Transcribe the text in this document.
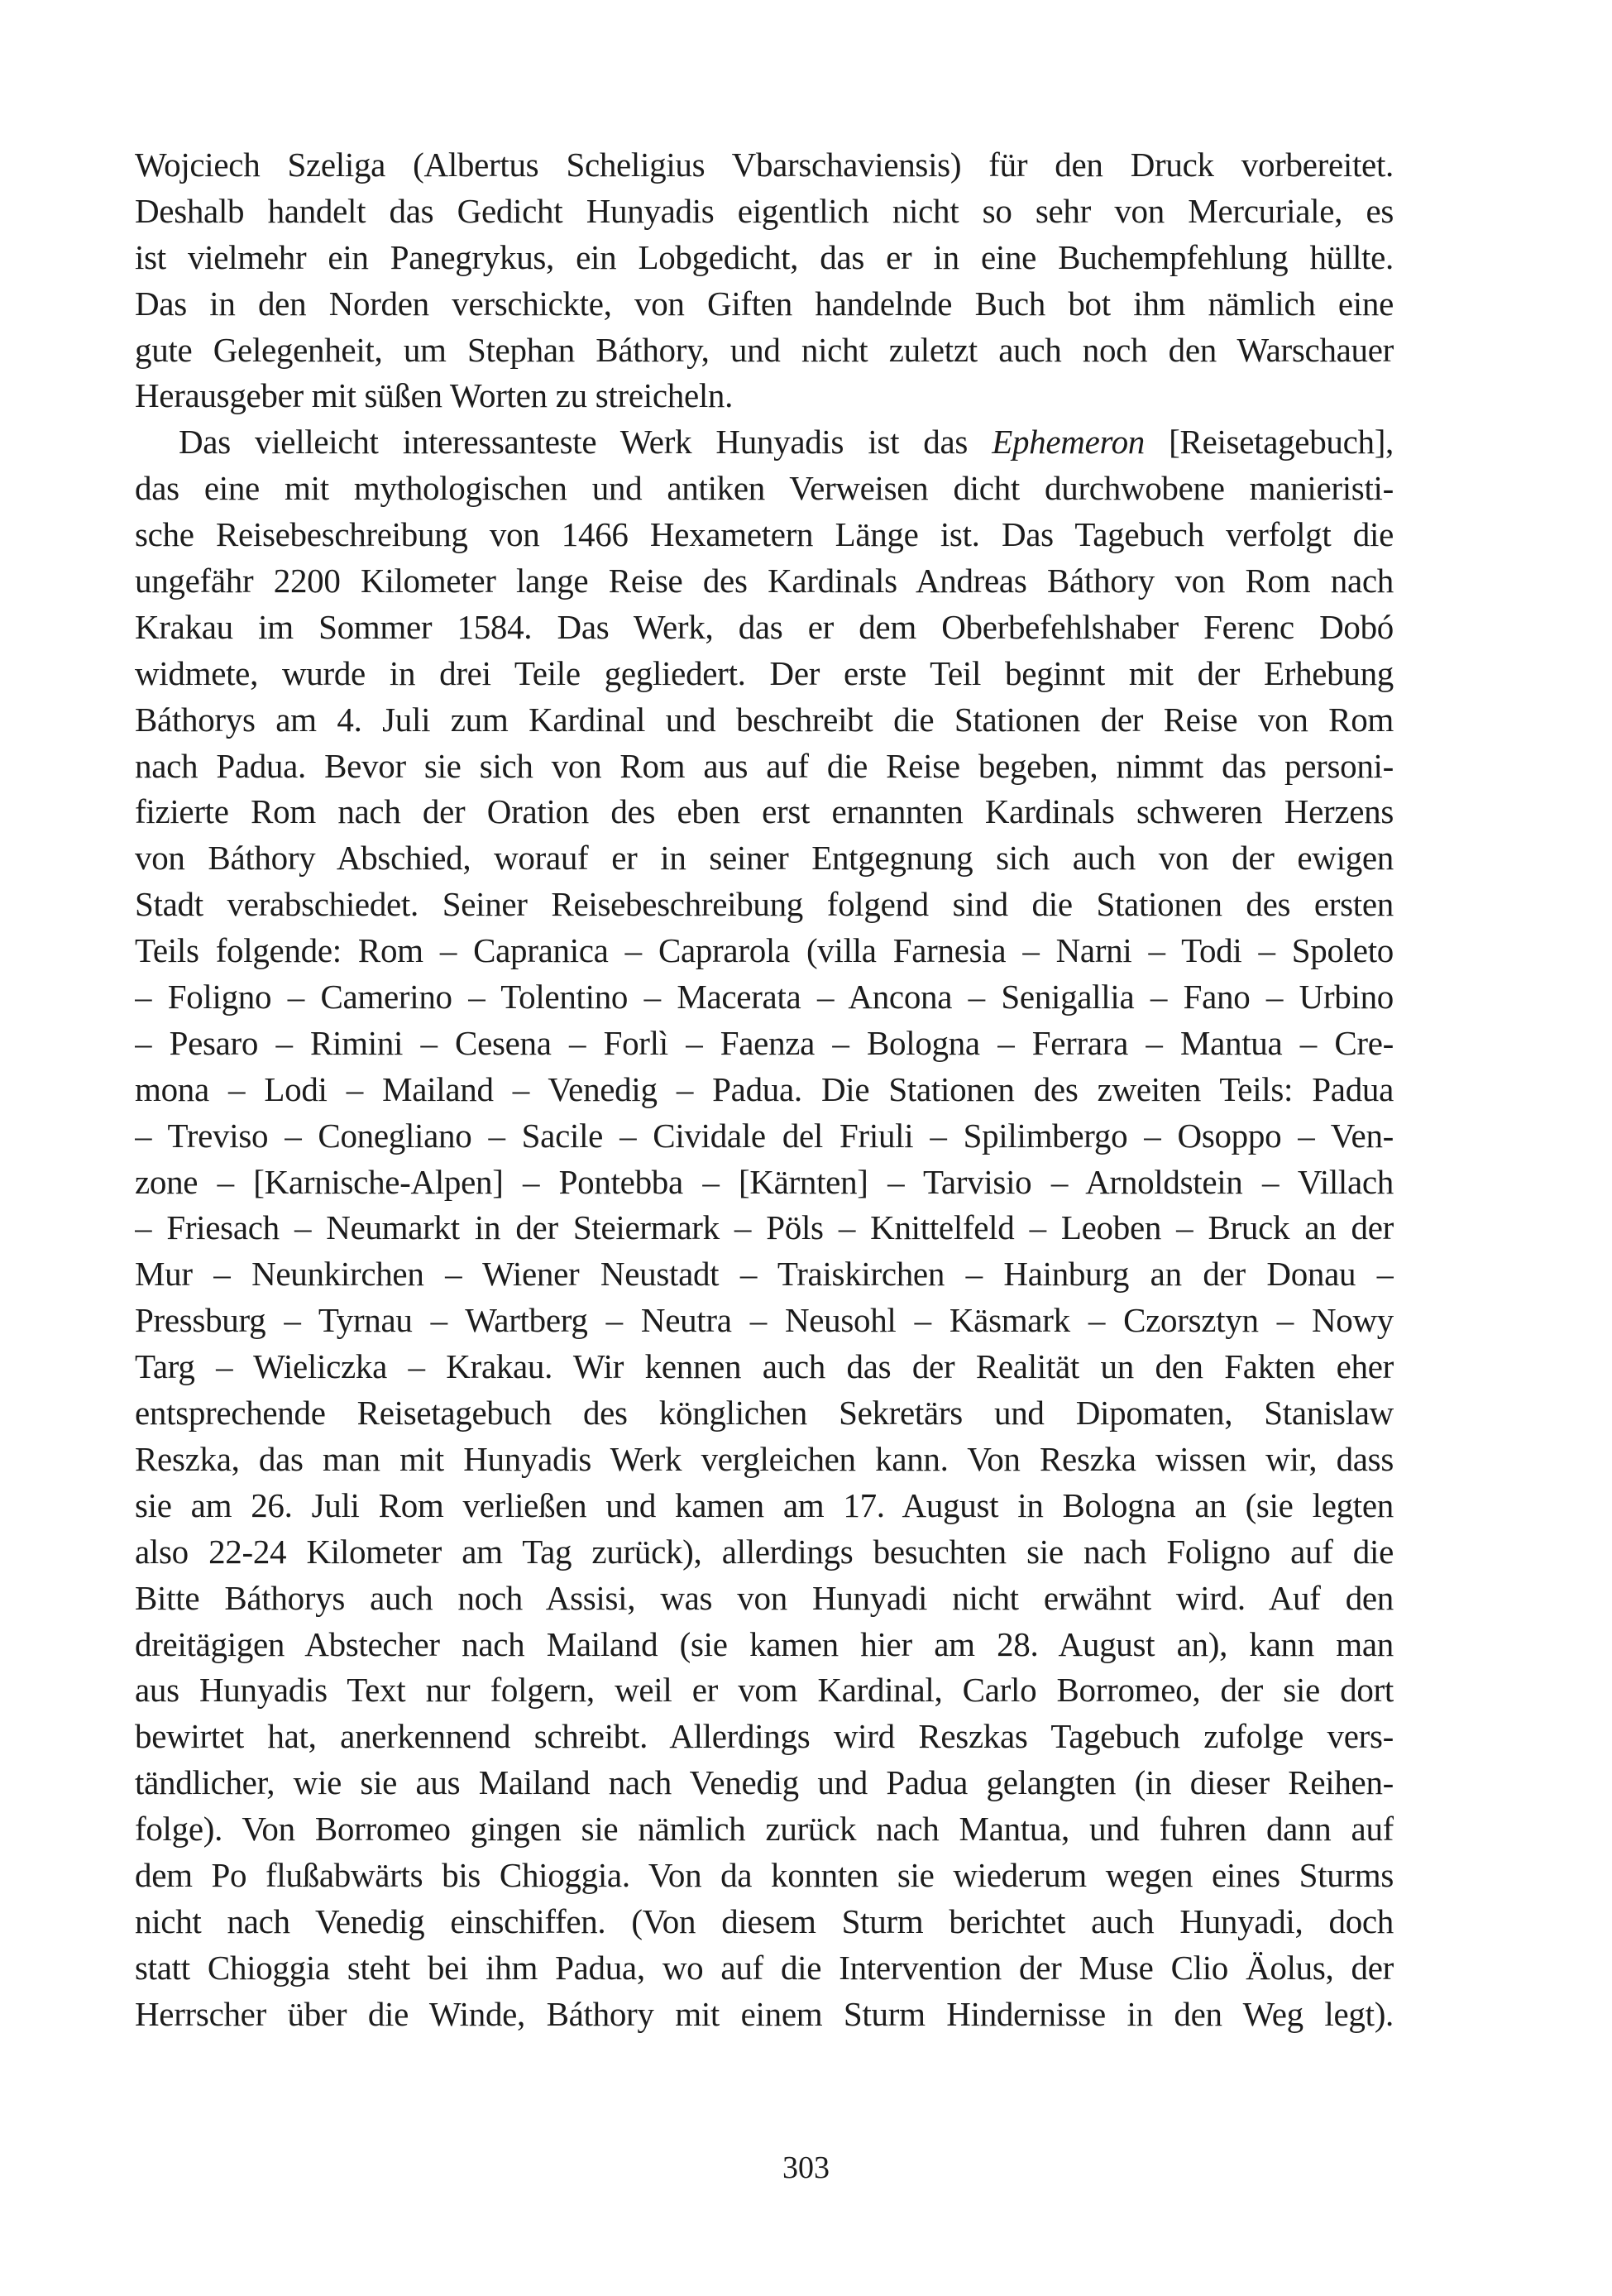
Wojciech Szeliga (Albertus Scheligius Vbarschaviensis) für den Druck vorbereitet.
Deshalb handelt das Gedicht Hunyadis eigentlich nicht so sehr von Mercuriale, es
ist vielmehr ein Panegrykus, ein Lobgedicht, das er in eine Buchempfehlung hüllte.
Das in den Norden verschickte, von Giften handelnde Buch bot ihm nämlich eine
gute Gelegenheit, um Stephan Báthory, und nicht zuletzt auch noch den Warschauer
Herausgeber mit süßen Worten zu streicheln.
Das vielleicht interessanteste Werk Hunyadis ist das Ephemeron [Reisetagebuch],
das eine mit mythologischen und antiken Verweisen dicht durchwobene manieristi-
sche Reisebeschreibung von 1466 Hexametern Länge ist. Das Tagebuch verfolgt die
ungefähr 2200 Kilometer lange Reise des Kardinals Andreas Báthory von Rom nach
Krakau im Sommer 1584. Das Werk, das er dem Oberbefehlshaber Ferenc Dobó
widmete, wurde in drei Teile gegliedert. Der erste Teil beginnt mit der Erhebung
Báthorys am 4. Juli zum Kardinal und beschreibt die Stationen der Reise von Rom
nach Padua. Bevor sie sich von Rom aus auf die Reise begeben, nimmt das personi-
fizierte Rom nach der Oration des eben erst ernannten Kardinals schweren Herzens
von Báthory Abschied, worauf er in seiner Entgegnung sich auch von der ewigen
Stadt verabschiedet. Seiner Reisebeschreibung folgend sind die Stationen des ersten
Teils folgende: Rom – Capranica – Caprarola (villa Farnesia – Narni – Todi – Spoleto
– Foligno – Camerino – Tolentino – Macerata – Ancona – Senigallia – Fano – Urbino
– Pesaro – Rimini – Cesena – Forlì – Faenza – Bologna – Ferrara – Mantua – Cre-
mona – Lodi – Mailand – Venedig – Padua. Die Stationen des zweiten Teils: Padua
– Treviso – Conegliano – Sacile – Cividale del Friuli – Spilimbergo – Osoppo – Ven-
zone – [Karnische-Alpen] – Pontebba – [Kärnten] – Tarvisio – Arnoldstein – Villach
– Friesach – Neumarkt in der Steiermark – Pöls – Knittelfeld – Leoben – Bruck an der
Mur – Neunkirchen – Wiener Neustadt – Traiskirchen – Hainburg an der Donau –
Pressburg – Tyrnau – Wartberg – Neutra – Neusohl – Käsmark – Czorsztyn – Nowy
Targ – Wieliczka – Krakau. Wir kennen auch das der Realität un den Fakten eher
entsprechende Reisetagebuch des könglichen Sekretärs und Dipomaten, Stanislaw
Reszka, das man mit Hunyadis Werk vergleichen kann. Von Reszka wissen wir, dass
sie am 26. Juli Rom verließen und kamen am 17. August in Bologna an (sie legten
also 22-24 Kilometer am Tag zurück), allerdings besuchten sie nach Foligno auf die
Bitte Báthorys auch noch Assisi, was von Hunyadi nicht erwähnt wird. Auf den
dreitägigen Abstecher nach Mailand (sie kamen hier am 28. August an), kann man
aus Hunyadis Text nur folgern, weil er vom Kardinal, Carlo Borromeo, der sie dort
bewirtet hat, anerkennend schreibt. Allerdings wird Reszkas Tagebuch zufolge vers-
tändlicher, wie sie aus Mailand nach Venedig und Padua gelangten (in dieser Reihen-
folge). Von Borromeo gingen sie nämlich zurück nach Mantua, und fuhren dann auf
dem Po flußabwärts bis Chioggia. Von da konnten sie wiederum wegen eines Sturms
nicht nach Venedig einschiffen. (Von diesem Sturm berichtet auch Hunyadi, doch
statt Chioggia steht bei ihm Padua, wo auf die Intervention der Muse Clio Äolus, der
Herrscher über die Winde, Báthory mit einem Sturm Hindernisse in den Weg legt).
303
